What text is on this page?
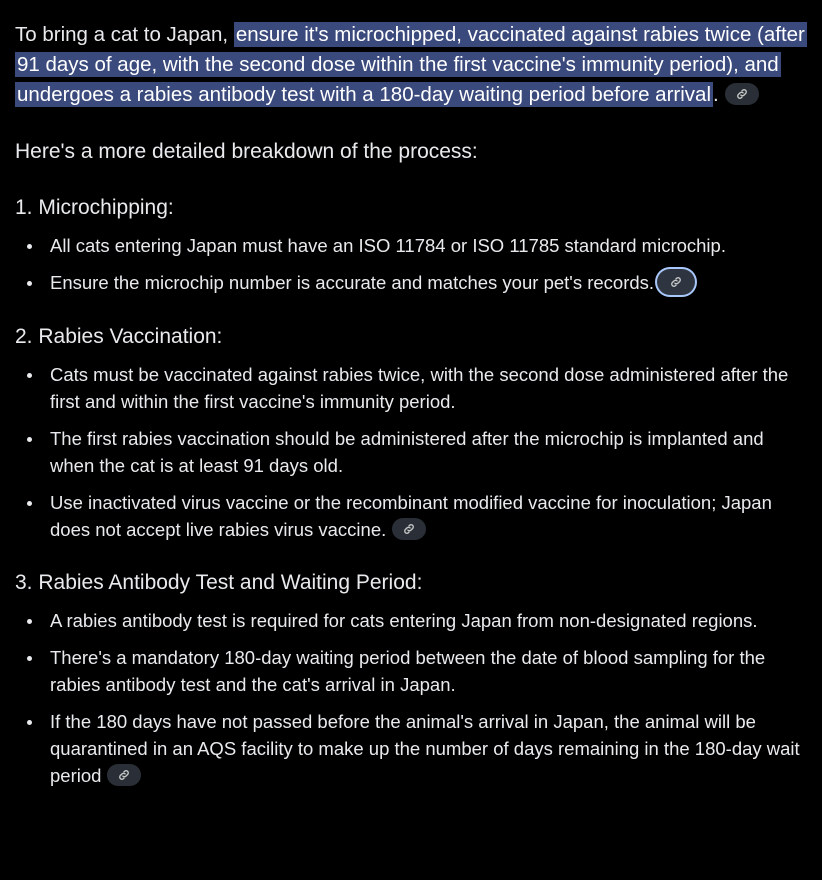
To bring a cat to Japan, ensure it's microchipped, vaccinated against rabies twice (after 91 days of age, with the second dose within the first vaccine's immunity period), and undergoes a rabies antibody test with a 180-day waiting period before arrival.

Here's a more detailed breakdown of the process:

1. Microchipping:

All cats entering Japan must have an ISO 11784 or ISO 11785 standard microchip.
Ensure the microchip number is accurate and matches your pet's records.

2. Rabies Vaccination:

Cats must be vaccinated against rabies twice, with the second dose administered after the first and within the first vaccine's immunity period.
The first rabies vaccination should be administered after the microchip is implanted and when the cat is at least 91 days old.
Use inactivated virus vaccine or the recombinant modified vaccine for inoculation; Japan does not accept live rabies virus vaccine.

3. Rabies Antibody Test and Waiting Period:

A rabies antibody test is required for cats entering Japan from non-designated regions.
There's a mandatory 180-day waiting period between the date of blood sampling for the rabies antibody test and the cat's arrival in Japan.
If the 180 days have not passed before the animal's arrival in Japan, the animal will be quarantined in an AQS facility to make up the number of days remaining in the 180-day wait period
